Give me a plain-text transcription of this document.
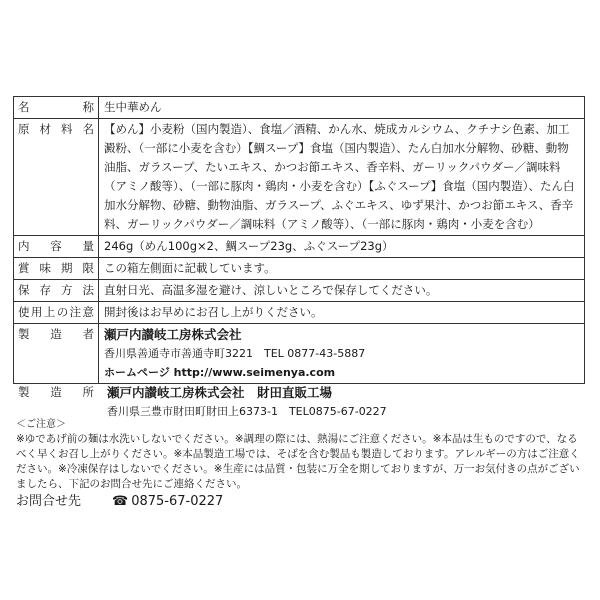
名　称	生中華めん
原材料名	【めん】小麦粉（国内製造）、食塩／酒精、かん水、焼成カルシウム、クチナシ色素、加工澱粉、（一部に小麦を含む）【鯛スープ】食塩（国内製造）、たん白加水分解物、砂糖、動物油脂、ガラスープ、たいエキス、かつお節エキス、香辛料、ガーリックパウダー／調味料（アミノ酸等）、（一部に豚肉・鶏肉・小麦を含む）【ふぐスープ】食塩（国内製造）、たん白加水分解物、砂糖、動物油脂、ガラスープ、ふぐエキス、ゆず果汁、かつお節エキス、香辛料、ガーリックパウダー／調味料（アミノ酸等）、（一部に豚肉・鶏肉・小麦を含む）
内容量	246g（めん100g×2、鯛スープ23g、ふぐスープ23g）
賞味期限	この箱左側面に記載しています。
保存方法	直射日光、高温多湿を避け、涼しいところで保存してください。
使用上の注意	開封後はお早めにお召し上がりください。
製造者	瀬戸内讃岐工房株式会社
香川県善通寺市善通寺町3221　TEL 0877-43-5887
ホームページ http://www.seimenya.com
製造所 瀬戸内讃岐工房株式会社　財田直販工場
香川県三豊市財田町財田上6373-1　TEL0875-67-0227
＜ご注意＞
※ゆであげ前の麺は水洗いしないでください。※調理の際には、熱湯にご注意ください。※本品は生ものですので、なるべく早くお召し上がりください。※本品製造工場では、そばを含む製品も製造しております。アレルギーの方はご注意ください。※冷凍保存はしないでください。※生産には品質・包装に万全を期しておりますが、万一お気付きの点がございましたら、下記のお問合せ先にご連絡ください。
お問合せ先	☎ 0875-67-0227
